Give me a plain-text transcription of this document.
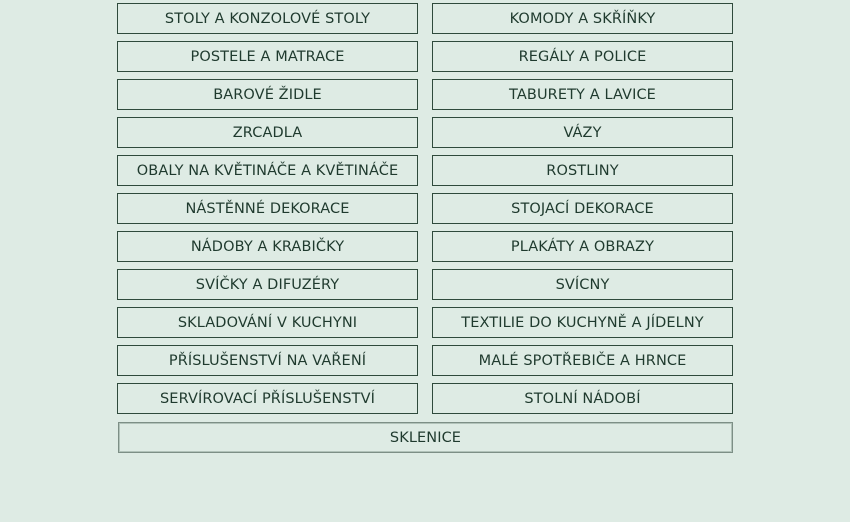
STOLY A KONZOLOVÉ STOLY	KOMODY A SKŘÍŇKY
POSTELE A MATRACE	REGÁLY A POLICE
BAROVÉ ŽIDLE	TABURETY A LAVICE
ZRCADLA	VÁZY
OBALY NA KVĚTINÁČE A KVĚTINÁČE	ROSTLINY
NÁSTĚNNÉ DEKORACE	STOJACÍ DEKORACE
NÁDOBY A KRABIČKY	PLAKÁTY A OBRAZY
SVÍČKY A DIFUZÉRY	SVÍCNY
SKLADOVÁNÍ V KUCHYNI	TEXTILIE DO KUCHYNĚ A JÍDELNY
PŘÍSLUŠENSTVÍ NA VAŘENÍ	MALÉ SPOTŘEBIČE A HRNCE
SERVÍROVACÍ PŘÍSLUŠENSTVÍ	STOLNÍ NÁDOBÍ
SKLENICE
